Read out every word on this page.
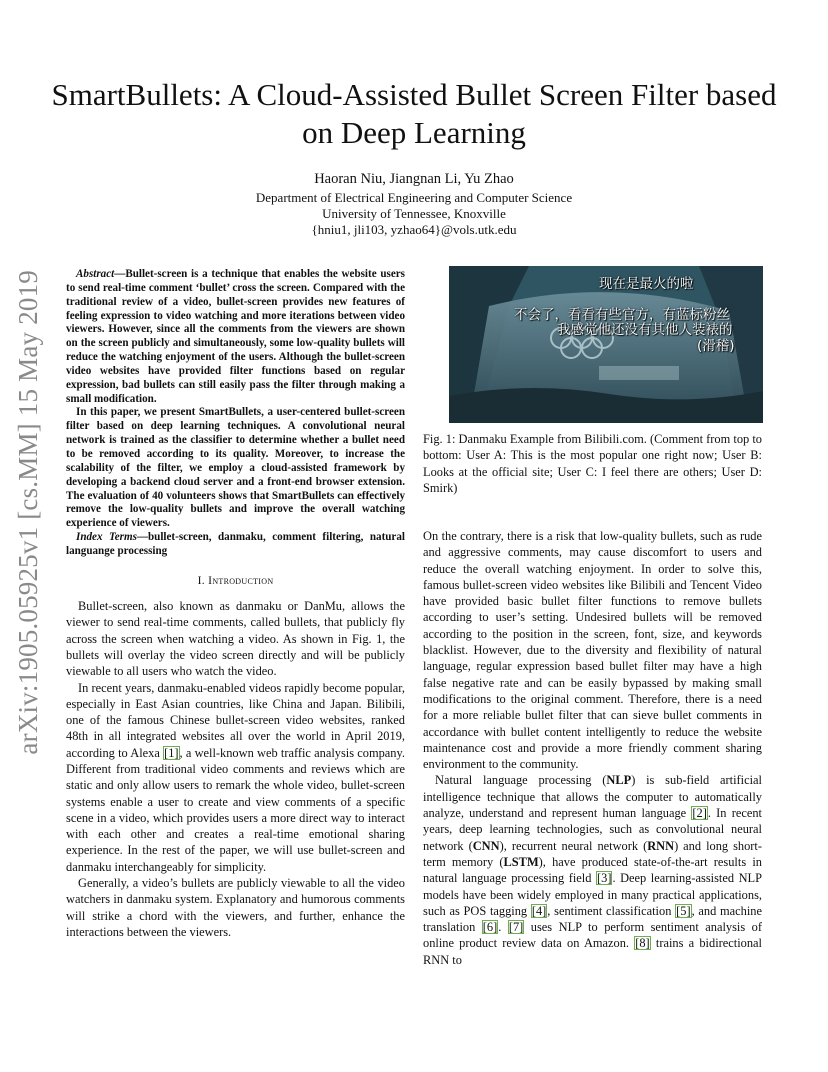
arXiv:1905.05925v1 [cs.MM] 15 May 2019
SmartBullets: A Cloud-Assisted Bullet Screen Filter based on Deep Learning
Haoran Niu, Jiangnan Li, Yu Zhao
Department of Electrical Engineering and Computer Science
University of Tennessee, Knoxville
{hniu1, jli103, yzhao64}@vols.utk.edu

Abstract—Bullet-screen is a technique that enables the website users to send real-time comment ‘bullet’ cross the screen. Compared with the traditional review of a video, bullet-screen provides new features of feeling expression to video watching and more iterations between video viewers. However, since all the comments from the viewers are shown on the screen publicly and simultaneously, some low-quality bullets will reduce the watching enjoyment of the users. Although the bullet-screen video websites have provided filter functions based on regular expression, bad bullets can still easily pass the filter through making a small modification.

In this paper, we present SmartBullets, a user-centered bullet-screen filter based on deep learning techniques. A convolutional neural network is trained as the classifier to determine whether a bullet need to be removed according to its quality. Moreover, to increase the scalability of the filter, we employ a cloud-assisted framework by developing a backend cloud server and a front-end browser extension. The evaluation of 40 volunteers shows that SmartBullets can effectively remove the low-quality bullets and improve the overall watching experience of viewers.

Index Terms—bullet-screen, danmaku, comment filtering, natural languange processing

I. Introduction

Bullet-screen, also known as danmaku or DanMu, allows the viewer to send real-time comments, called bullets, that publicly fly across the screen when watching a video. As shown in Fig. 1, the bullets will overlay the video screen directly and will be publicly viewable to all users who watch the video.

In recent years, danmaku-enabled videos rapidly become popular, especially in East Asian countries, like China and Japan. Bilibili, one of the famous Chinese bullet-screen video websites, ranked 48th in all integrated websites all over the world in April 2019, according to Alexa [1], a well-known web traffic analysis company. Different from traditional video comments and reviews which are static and only allow users to remark the whole video, bullet-screen systems enable a user to create and view comments of a specific scene in a video, which provides users a more direct way to interact with each other and creates a real-time emotional sharing experience. In the rest of the paper, we will use bullet-screen and danmaku interchangeably for simplicity.

Generally, a video’s bullets are publicly viewable to all the video watchers in danmaku system. Explanatory and humorous comments will strike a chord with the viewers, and further, enhance the interactions between the viewers.

现在是最火的啦
不会了，看看有些官方，有蓝标粉丝
我感觉他还没有其他人装裱的
(滑稽)
Fig. 1: Danmaku Example from Bilibili.com. (Comment from top to bottom: User A: This is the most popular one right now; User B: Looks at the official site; User C: I feel there are others; User D: Smirk)

On the contrary, there is a risk that low-quality bullets, such as rude and aggressive comments, may cause discomfort to users and reduce the overall watching enjoyment. In order to solve this, famous bullet-screen video websites like Bilibili and Tencent Video have provided basic bullet filter functions to remove bullets according to user’s setting. Undesired bullets will be removed according to the position in the screen, font, size, and keywords blacklist. However, due to the diversity and flexibility of natural language, regular expression based bullet filter may have a high false negative rate and can be easily bypassed by making small modifications to the original comment. Therefore, there is a need for a more reliable bullet filter that can sieve bullet comments in accordance with bullet content intelligently to reduce the website maintenance cost and provide a more friendly comment sharing environment to the community.

Natural language processing (NLP) is sub-field artificial intelligence technique that allows the computer to automatically analyze, understand and represent human language [2]. In recent years, deep learning technologies, such as convolutional neural network (CNN), recurrent neural network (RNN) and long short-term memory (LSTM), have produced state-of-the-art results in natural language processing field [3]. Deep learning-assisted NLP models have been widely employed in many practical applications, such as POS tagging [4], sentiment classification [5], and machine translation [6]. [7] uses NLP to perform sentiment analysis of online product review data on Amazon. [8] trains a bidirectional RNN to
